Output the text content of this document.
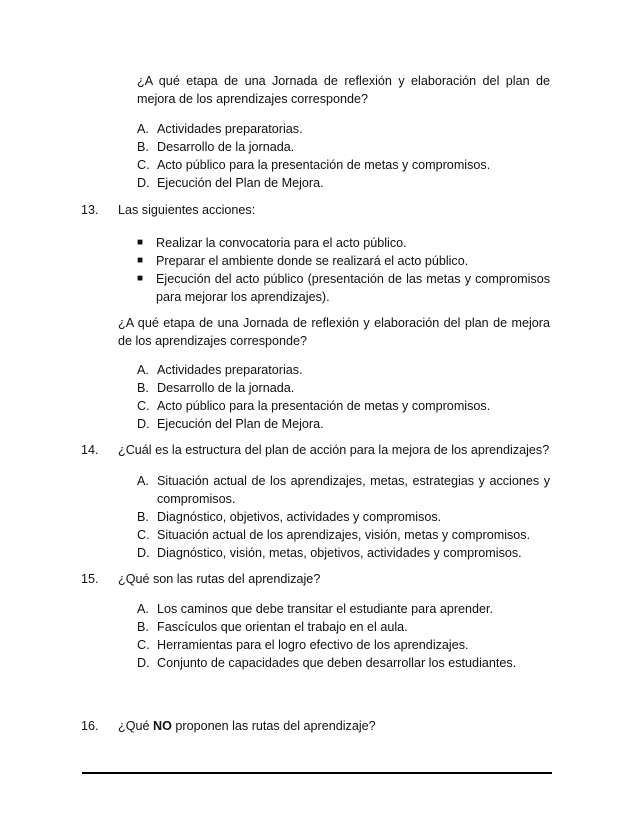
¿A qué etapa de una Jornada de reflexión y elaboración del plan de
mejora de los aprendizajes corresponde?
A. Actividades preparatorias.
B. Desarrollo de la jornada.
C. Acto público para la presentación de metas y compromisos.
D. Ejecución del Plan de Mejora.
13. Las siguientes acciones:
■	Realizar la convocatoria para el acto público.
■	Preparar el ambiente donde se realizará el acto público.
■	Ejecución del acto público (presentación de las metas y compromisos
para mejorar los aprendizajes).
¿A qué etapa de una Jornada de reflexión y elaboración del plan de mejora
de los aprendizajes corresponde?
A. Actividades preparatorias.
B. Desarrollo de la jornada.
C. Acto público para la presentación de metas y compromisos.
D. Ejecución del Plan de Mejora.
14. ¿Cuál es la estructura del plan de acción para la mejora de los aprendizajes?
A. Situación actual de los aprendizajes, metas, estrategias y acciones y
compromisos.
B. Diagnóstico, objetivos, actividades y compromisos.
C. Situación actual de los aprendizajes, visión, metas y compromisos.
D. Diagnóstico, visión, metas, objetivos, actividades y compromisos.
15. ¿Qué son las rutas del aprendizaje?
A. Los caminos que debe transitar el estudiante para aprender.
B. Fascículos que orientan el trabajo en el aula.
C. Herramientas para el logro efectivo de los aprendizajes.
D. Conjunto de capacidades que deben desarrollar los estudiantes.
16. ¿Qué NO proponen las rutas del aprendizaje?
